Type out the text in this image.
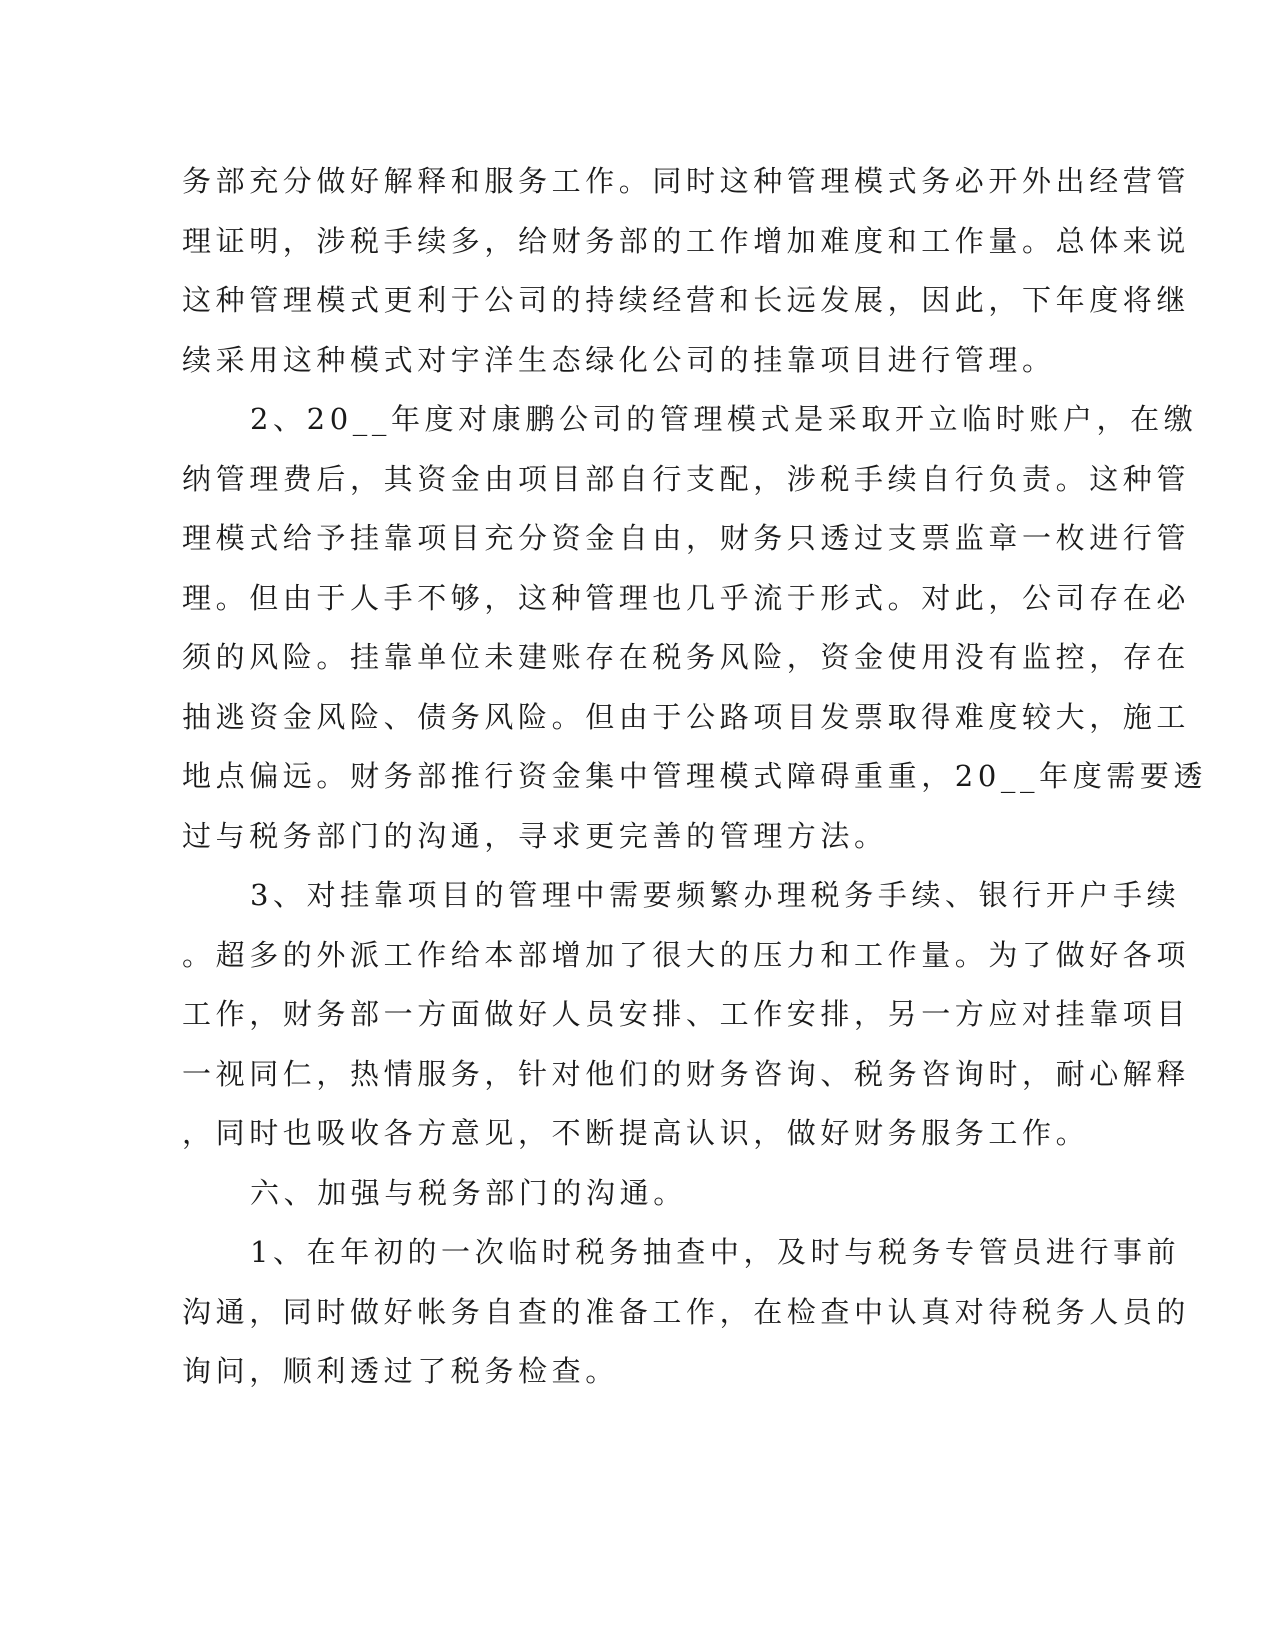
务部充分做好解释和服务工作。同时这种管理模式务必开外出经营管
理证明，涉税手续多，给财务部的工作增加难度和工作量。总体来说
这种管理模式更利于公司的持续经营和长远发展，因此，下年度将继
续采用这种模式对宇洋生态绿化公司的挂靠项目进行管理。

2、20__年度对康鹏公司的管理模式是采取开立临时账户，在缴
纳管理费后，其资金由项目部自行支配，涉税手续自行负责。这种管
理模式给予挂靠项目充分资金自由，财务只透过支票监章一枚进行管
理。但由于人手不够，这种管理也几乎流于形式。对此，公司存在必
须的风险。挂靠单位未建账存在税务风险，资金使用没有监控，存在
抽逃资金风险、债务风险。但由于公路项目发票取得难度较大，施工
地点偏远。财务部推行资金集中管理模式障碍重重，20__年度需要透
过与税务部门的沟通，寻求更完善的管理方法。

3、对挂靠项目的管理中需要频繁办理税务手续、银行开户手续
。超多的外派工作给本部增加了很大的压力和工作量。为了做好各项
工作，财务部一方面做好人员安排、工作安排，另一方应对挂靠项目
一视同仁，热情服务，针对他们的财务咨询、税务咨询时，耐心解释
，同时也吸收各方意见，不断提高认识，做好财务服务工作。

六、加强与税务部门的沟通。

1、在年初的一次临时税务抽查中，及时与税务专管员进行事前
沟通，同时做好帐务自查的准备工作，在检查中认真对待税务人员的
询问，顺利透过了税务检查。
